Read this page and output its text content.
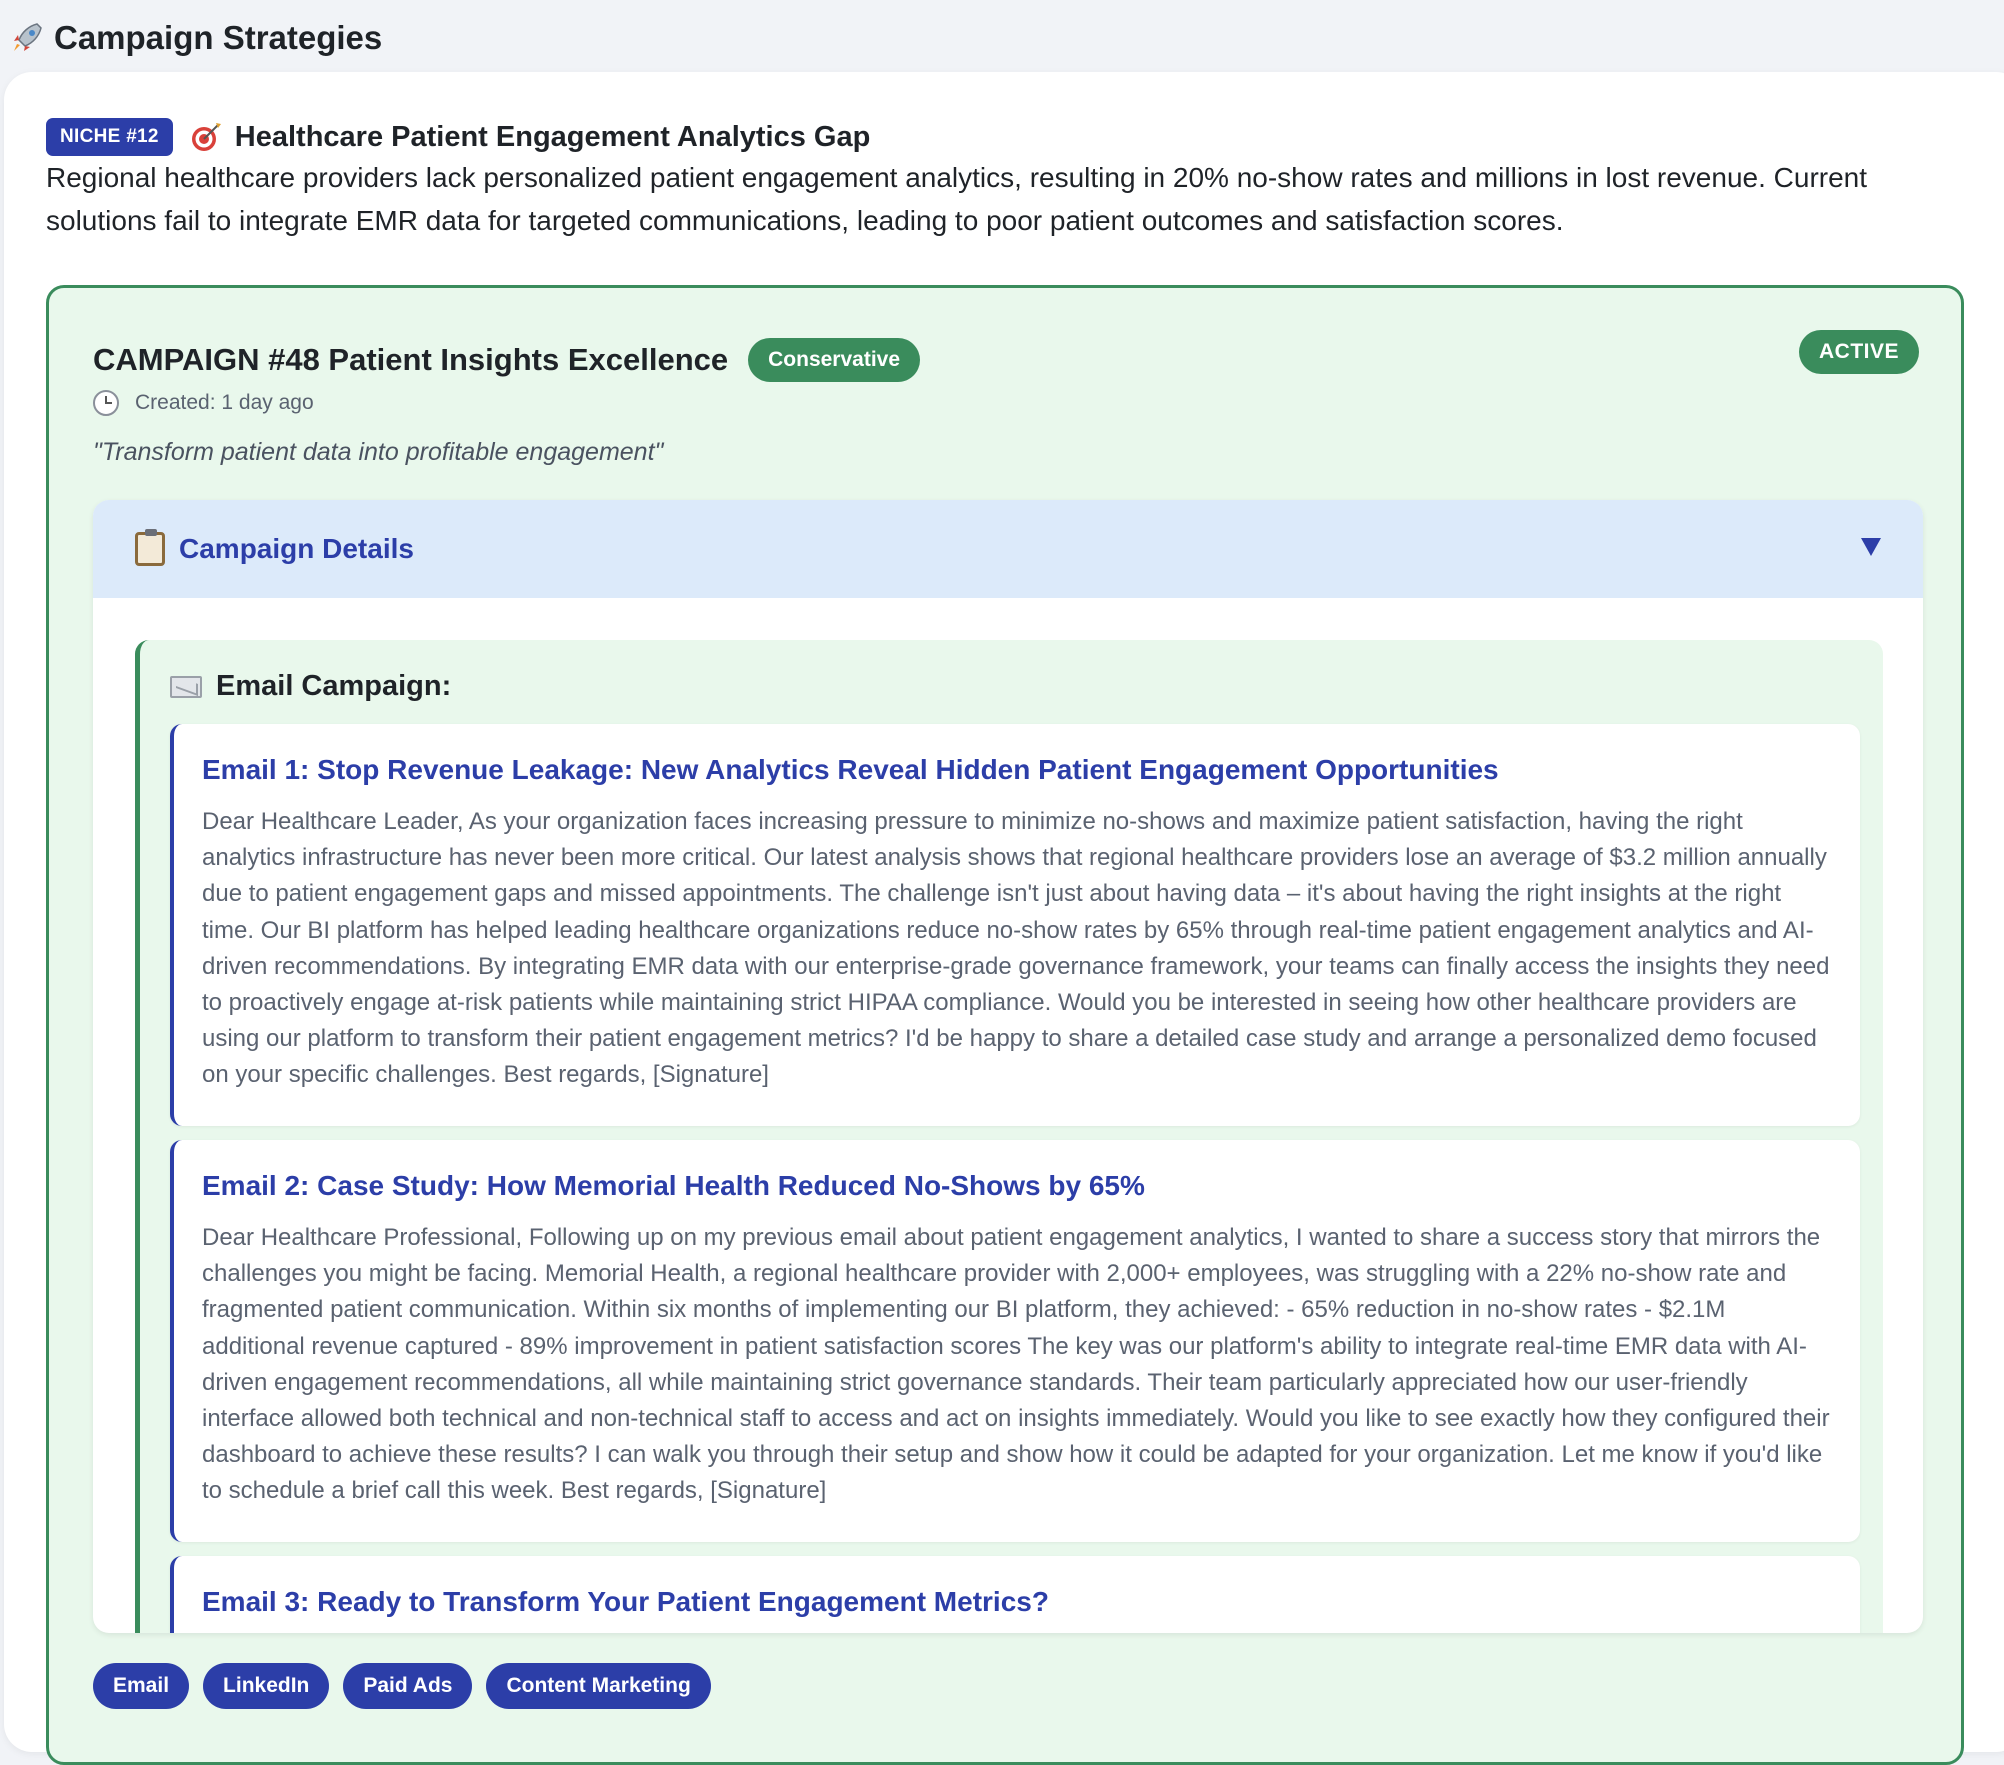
Campaign Strategies
NICHE #12	Healthcare Patient Engagement Analytics Gap

Regional healthcare providers lack personalized patient engagement analytics, resulting in 20% no-show rates and millions in lost revenue. Current solutions fail to integrate EMR data for targeted communications, leading to poor patient outcomes and satisfaction scores.

CAMPAIGN #48 Patient Insights Excellence	Conservative	ACTIVE
Created: 1 day ago

"Transform patient data into profitable engagement"

Campaign Details
Email Campaign:
Email 1: Stop Revenue Leakage: New Analytics Reveal Hidden Patient Engagement Opportunities
Dear Healthcare Leader, As your organization faces increasing pressure to minimize no-shows and maximize patient satisfaction, having the right analytics infrastructure has never been more critical. Our latest analysis shows that regional healthcare providers lose an average of $3.2 million annually due to patient engagement gaps and missed appointments. The challenge isn't just about having data – it's about having the right insights at the right time. Our BI platform has helped leading healthcare organizations reduce no-show rates by 65% through real-time patient engagement analytics and AI-driven recommendations. By integrating EMR data with our enterprise-grade governance framework, your teams can finally access the insights they need to proactively engage at-risk patients while maintaining strict HIPAA compliance. Would you be interested in seeing how other healthcare providers are using our platform to transform their patient engagement metrics? I'd be happy to share a detailed case study and arrange a personalized demo focused on your specific challenges. Best regards, [Signature]
Email 2: Case Study: How Memorial Health Reduced No-Shows by 65%
Dear Healthcare Professional, Following up on my previous email about patient engagement analytics, I wanted to share a success story that mirrors the challenges you might be facing. Memorial Health, a regional healthcare provider with 2,000+ employees, was struggling with a 22% no-show rate and fragmented patient communication. Within six months of implementing our BI platform, they achieved: - 65% reduction in no-show rates - $2.1M additional revenue captured - 89% improvement in patient satisfaction scores The key was our platform's ability to integrate real-time EMR data with AI-driven engagement recommendations, all while maintaining strict governance standards. Their team particularly appreciated how our user-friendly interface allowed both technical and non-technical staff to access and act on insights immediately. Would you like to see exactly how they configured their dashboard to achieve these results? I can walk you through their setup and show how it could be adapted for your organization. Let me know if you'd like to schedule a brief call this week. Best regards, [Signature]
Email 3: Ready to Transform Your Patient Engagement Metrics?
Email	LinkedIn	Paid Ads	Content Marketing
